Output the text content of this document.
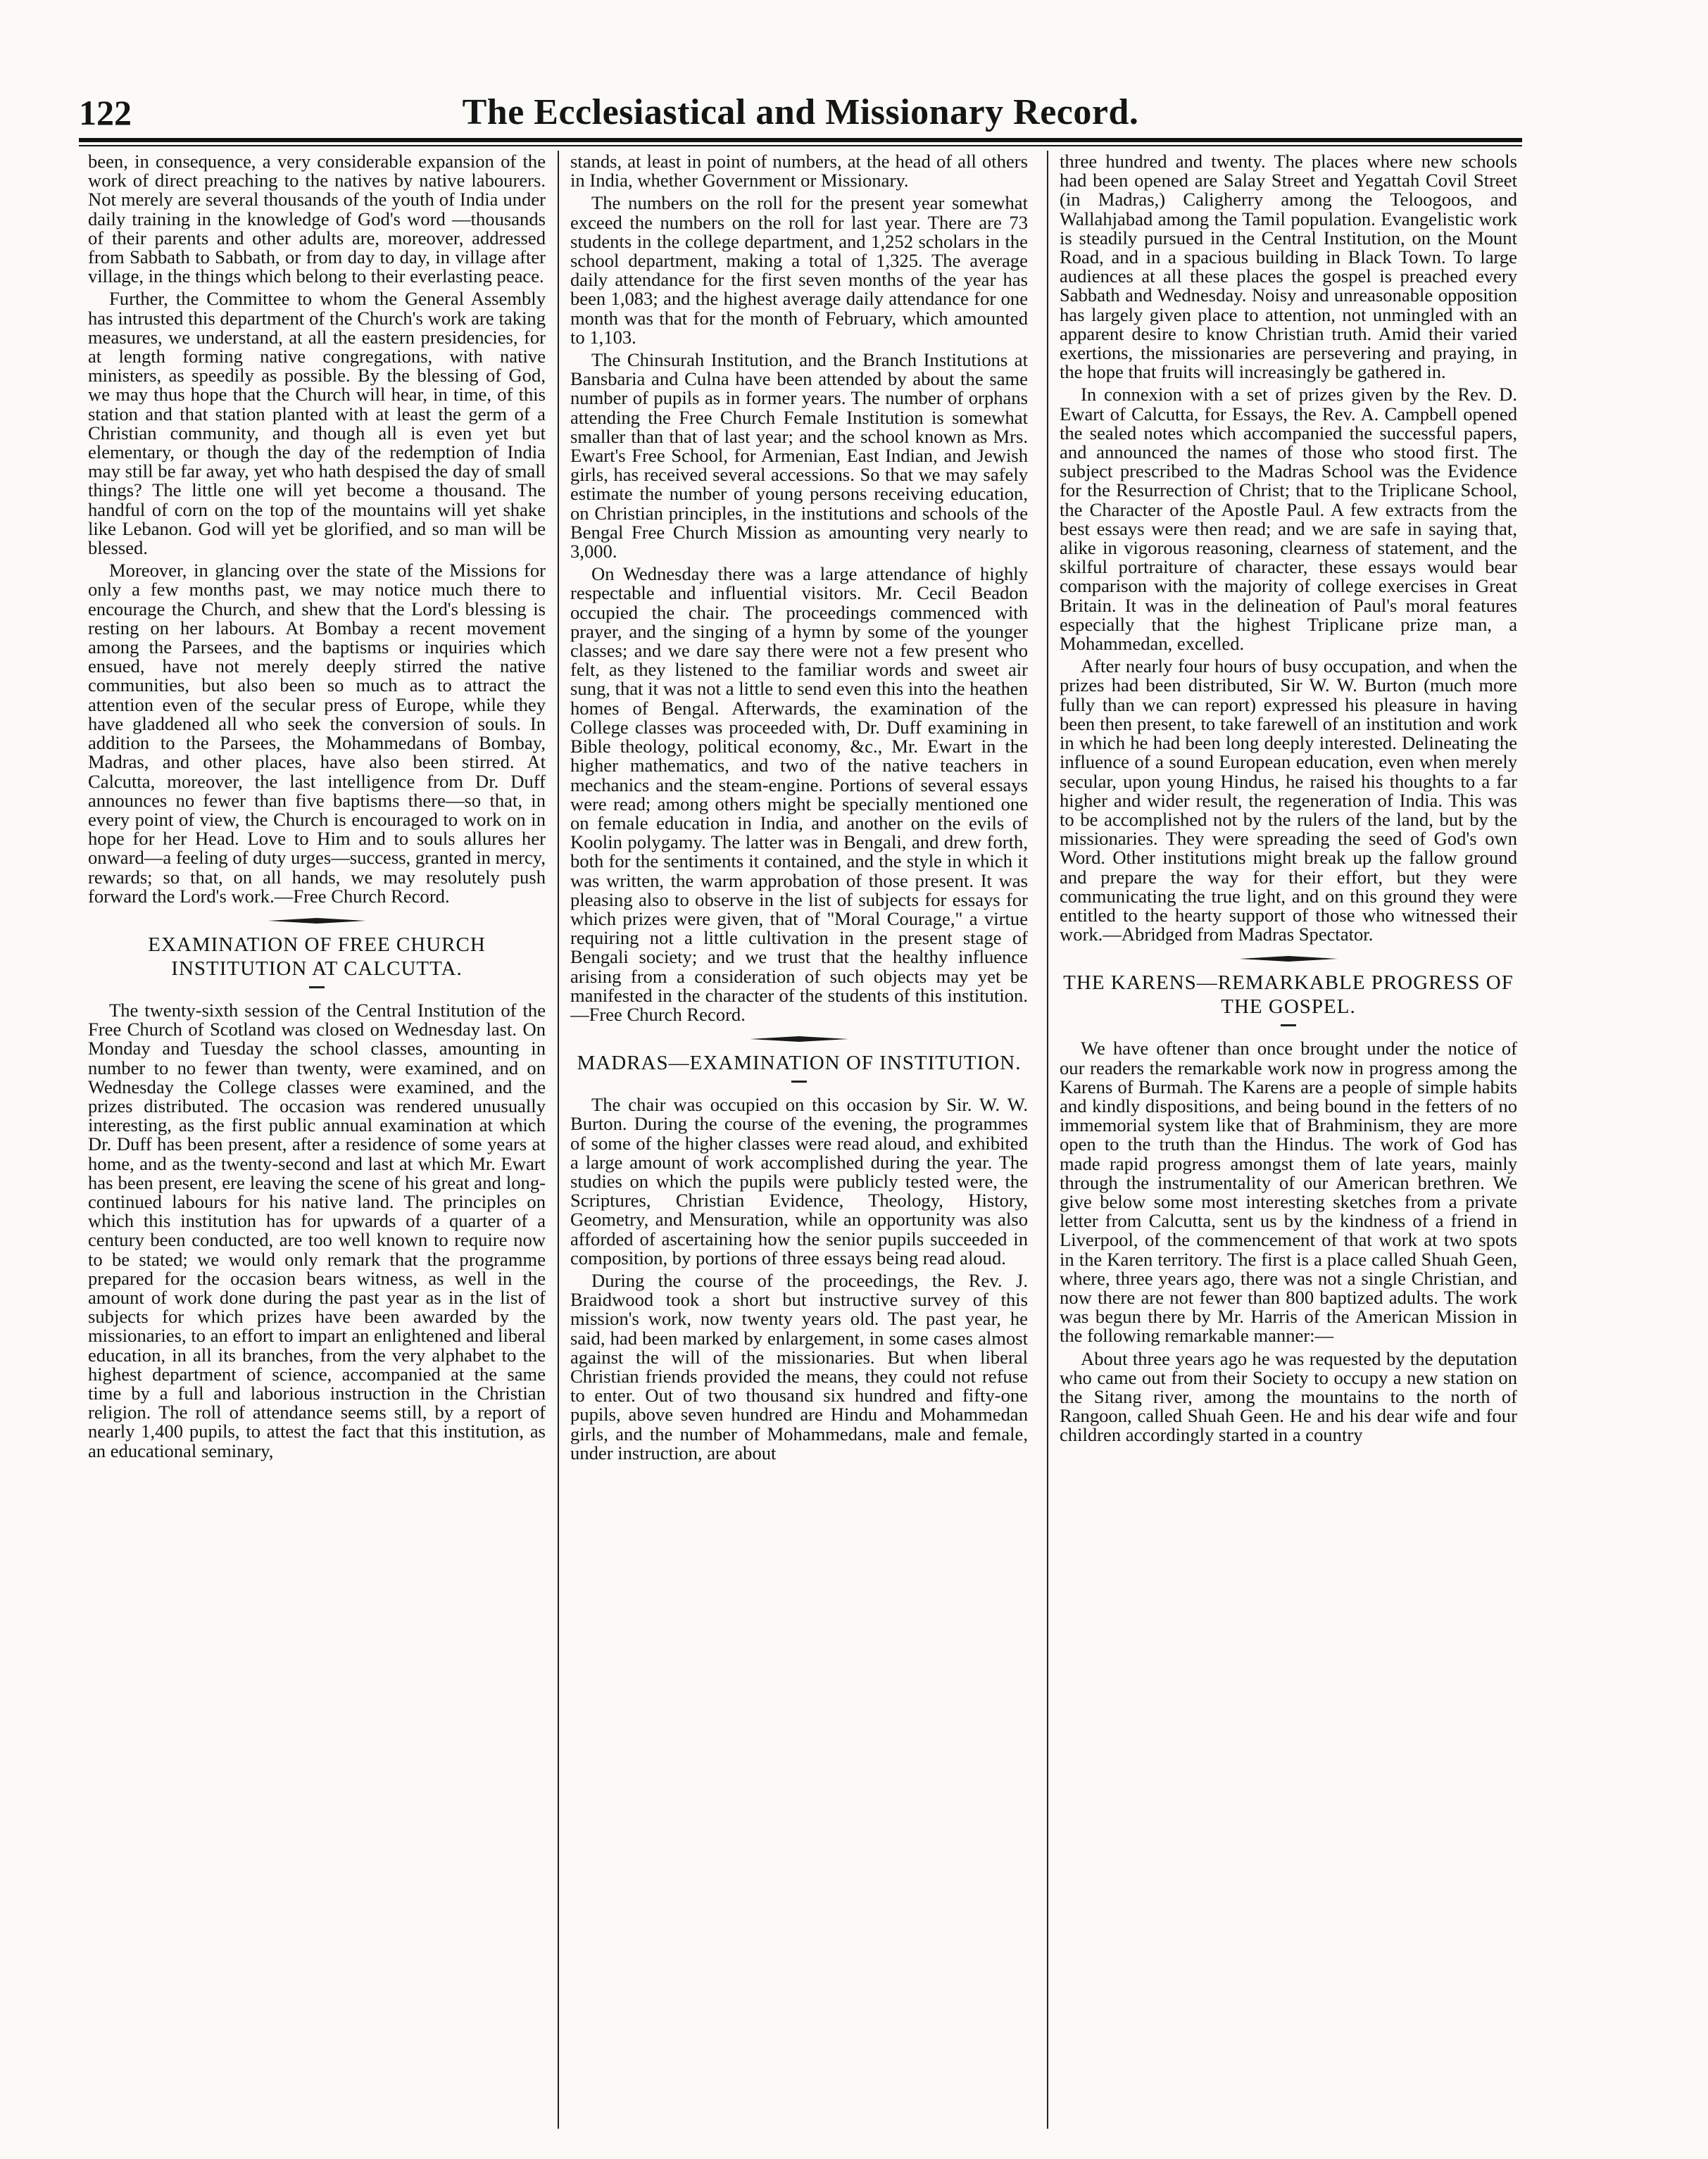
122	The Ecclesiastical and Missionary Record.

been, in consequence, a very considerable expansion of the work of direct preaching to the natives by native labourers. Not merely are several thousands of the youth of India under daily training in the knowledge of God's word —thousands of their parents and other adults are, moreover, addressed from Sabbath to Sabbath, or from day to day, in village after village, in the things which belong to their everlasting peace.

Further, the Committee to whom the General Assembly has intrusted this department of the Church's work are taking measures, we understand, at all the eastern presidencies, for at length forming native congregations, with native ministers, as speedily as possible. By the blessing of God, we may thus hope that the Church will hear, in time, of this station and that station planted with at least the germ of a Christian community, and though all is even yet but elementary, or though the day of the redemption of India may still be far away, yet who hath despised the day of small things? The little one will yet become a thousand. The handful of corn on the top of the mountains will yet shake like Lebanon. God will yet be glorified, and so man will be blessed.

Moreover, in glancing over the state of the Missions for only a few months past, we may notice much there to encourage the Church, and shew that the Lord's blessing is resting on her labours. At Bombay a recent movement among the Parsees, and the baptisms or inquiries which ensued, have not merely deeply stirred the native communities, but also been so much as to attract the attention even of the secular press of Europe, while they have gladdened all who seek the conversion of souls. In addition to the Parsees, the Mohammedans of Bombay, Madras, and other places, have also been stirred. At Calcutta, moreover, the last intelligence from Dr. Duff announces no fewer than five baptisms there—so that, in every point of view, the Church is encouraged to work on in hope for her Head. Love to Him and to souls allures her onward—a feeling of duty urges—success, granted in mercy, rewards; so that, on all hands, we may resolutely push forward the Lord's work.—Free Church Record.

EXAMINATION OF FREE CHURCH INSTITUTION AT CALCUTTA.

The twenty-sixth session of the Central Institution of the Free Church of Scotland was closed on Wednesday last. On Monday and Tuesday the school classes, amounting in number to no fewer than twenty, were examined, and on Wednesday the College classes were examined, and the prizes distributed. The occasion was rendered unusually interesting, as the first public annual examination at which Dr. Duff has been present, after a residence of some years at home, and as the twenty-second and last at which Mr. Ewart has been present, ere leaving the scene of his great and long-continued labours for his native land. The principles on which this institution has for upwards of a quarter of a century been conducted, are too well known to require now to be stated; we would only remark that the programme prepared for the occasion bears witness, as well in the amount of work done during the past year as in the list of subjects for which prizes have been awarded by the missionaries, to an effort to impart an enlightened and liberal education, in all its branches, from the very alphabet to the highest department of science, accompanied at the same time by a full and laborious instruction in the Christian religion. The roll of attendance seems still, by a report of nearly 1,400 pupils, to attest the fact that this institution, as an educational seminary,

stands, at least in point of numbers, at the head of all others in India, whether Government or Missionary.

The numbers on the roll for the present year somewhat exceed the numbers on the roll for last year. There are 73 students in the college department, and 1,252 scholars in the school department, making a total of 1,325. The average daily attendance for the first seven months of the year has been 1,083; and the highest average daily attendance for one month was that for the month of February, which amounted to 1,103.

The Chinsurah Institution, and the Branch Institutions at Bansbaria and Culna have been attended by about the same number of pupils as in former years. The number of orphans attending the Free Church Female Institution is somewhat smaller than that of last year; and the school known as Mrs. Ewart's Free School, for Armenian, East Indian, and Jewish girls, has received several accessions. So that we may safely estimate the number of young persons receiving education, on Christian principles, in the institutions and schools of the Bengal Free Church Mission as amounting very nearly to 3,000.

On Wednesday there was a large attendance of highly respectable and influential visitors. Mr. Cecil Beadon occupied the chair. The proceedings commenced with prayer, and the singing of a hymn by some of the younger classes; and we dare say there were not a few present who felt, as they listened to the familiar words and sweet air sung, that it was not a little to send even this into the heathen homes of Bengal. Afterwards, the examination of the College classes was proceeded with, Dr. Duff examining in Bible theology, political economy, &c., Mr. Ewart in the higher mathematics, and two of the native teachers in mechanics and the steam-engine. Portions of several essays were read; among others might be specially mentioned one on female education in India, and another on the evils of Koolin polygamy. The latter was in Bengali, and drew forth, both for the sentiments it contained, and the style in which it was written, the warm approbation of those present. It was pleasing also to observe in the list of subjects for essays for which prizes were given, that of "Moral Courage," a virtue requiring not a little cultivation in the present stage of Bengali society; and we trust that the healthy influence arising from a consideration of such objects may yet be manifested in the character of the students of this institution.—Free Church Record.

MADRAS—EXAMINATION OF INSTITUTION.

The chair was occupied on this occasion by Sir. W. W. Burton. During the course of the evening, the programmes of some of the higher classes were read aloud, and exhibited a large amount of work accomplished during the year. The studies on which the pupils were publicly tested were, the Scriptures, Christian Evidence, Theology, History, Geometry, and Mensuration, while an opportunity was also afforded of ascertaining how the senior pupils succeeded in composition, by portions of three essays being read aloud.

During the course of the proceedings, the Rev. J. Braidwood took a short but instructive survey of this mission's work, now twenty years old. The past year, he said, had been marked by enlargement, in some cases almost against the will of the missionaries. But when liberal Christian friends provided the means, they could not refuse to enter. Out of two thousand six hundred and fifty-one pupils, above seven hundred are Hindu and Mohammedan girls, and the number of Mohammedans, male and female, under instruction, are about

three hundred and twenty. The places where new schools had been opened are Salay Street and Yegattah Covil Street (in Madras,) Caligherry among the Teloogoos, and Wallahjabad among the Tamil population. Evangelistic work is steadily pursued in the Central Institution, on the Mount Road, and in a spacious building in Black Town. To large audiences at all these places the gospel is preached every Sabbath and Wednesday. Noisy and unreasonable opposition has largely given place to attention, not unmingled with an apparent desire to know Christian truth. Amid their varied exertions, the missionaries are persevering and praying, in the hope that fruits will increasingly be gathered in.

In connexion with a set of prizes given by the Rev. D. Ewart of Calcutta, for Essays, the Rev. A. Campbell opened the sealed notes which accompanied the successful papers, and announced the names of those who stood first. The subject prescribed to the Madras School was the Evidence for the Resurrection of Christ; that to the Triplicane School, the Character of the Apostle Paul. A few extracts from the best essays were then read; and we are safe in saying that, alike in vigorous reasoning, clearness of statement, and the skilful portraiture of character, these essays would bear comparison with the majority of college exercises in Great Britain. It was in the delineation of Paul's moral features especially that the highest Triplicane prize man, a Mohammedan, excelled.

After nearly four hours of busy occupation, and when the prizes had been distributed, Sir W. W. Burton (much more fully than we can report) expressed his pleasure in having been then present, to take farewell of an institution and work in which he had been long deeply interested. Delineating the influence of a sound European education, even when merely secular, upon young Hindus, he raised his thoughts to a far higher and wider result, the regeneration of India. This was to be accomplished not by the rulers of the land, but by the missionaries. They were spreading the seed of God's own Word. Other institutions might break up the fallow ground and prepare the way for their effort, but they were communicating the true light, and on this ground they were entitled to the hearty support of those who witnessed their work.—Abridged from Madras Spectator.

THE KARENS—REMARKABLE PROGRESS OF THE GOSPEL.

We have oftener than once brought under the notice of our readers the remarkable work now in progress among the Karens of Burmah. The Karens are a people of simple habits and kindly dispositions, and being bound in the fetters of no immemorial system like that of Brahminism, they are more open to the truth than the Hindus. The work of God has made rapid progress amongst them of late years, mainly through the instrumentality of our American brethren. We give below some most interesting sketches from a private letter from Calcutta, sent us by the kindness of a friend in Liverpool, of the commencement of that work at two spots in the Karen territory. The first is a place called Shuah Geen, where, three years ago, there was not a single Christian, and now there are not fewer than 800 baptized adults. The work was begun there by Mr. Harris of the American Mission in the following remarkable manner:—

About three years ago he was requested by the deputation who came out from their Society to occupy a new station on the Sitang river, among the mountains to the north of Rangoon, called Shuah Geen. He and his dear wife and four children accordingly started in a country
